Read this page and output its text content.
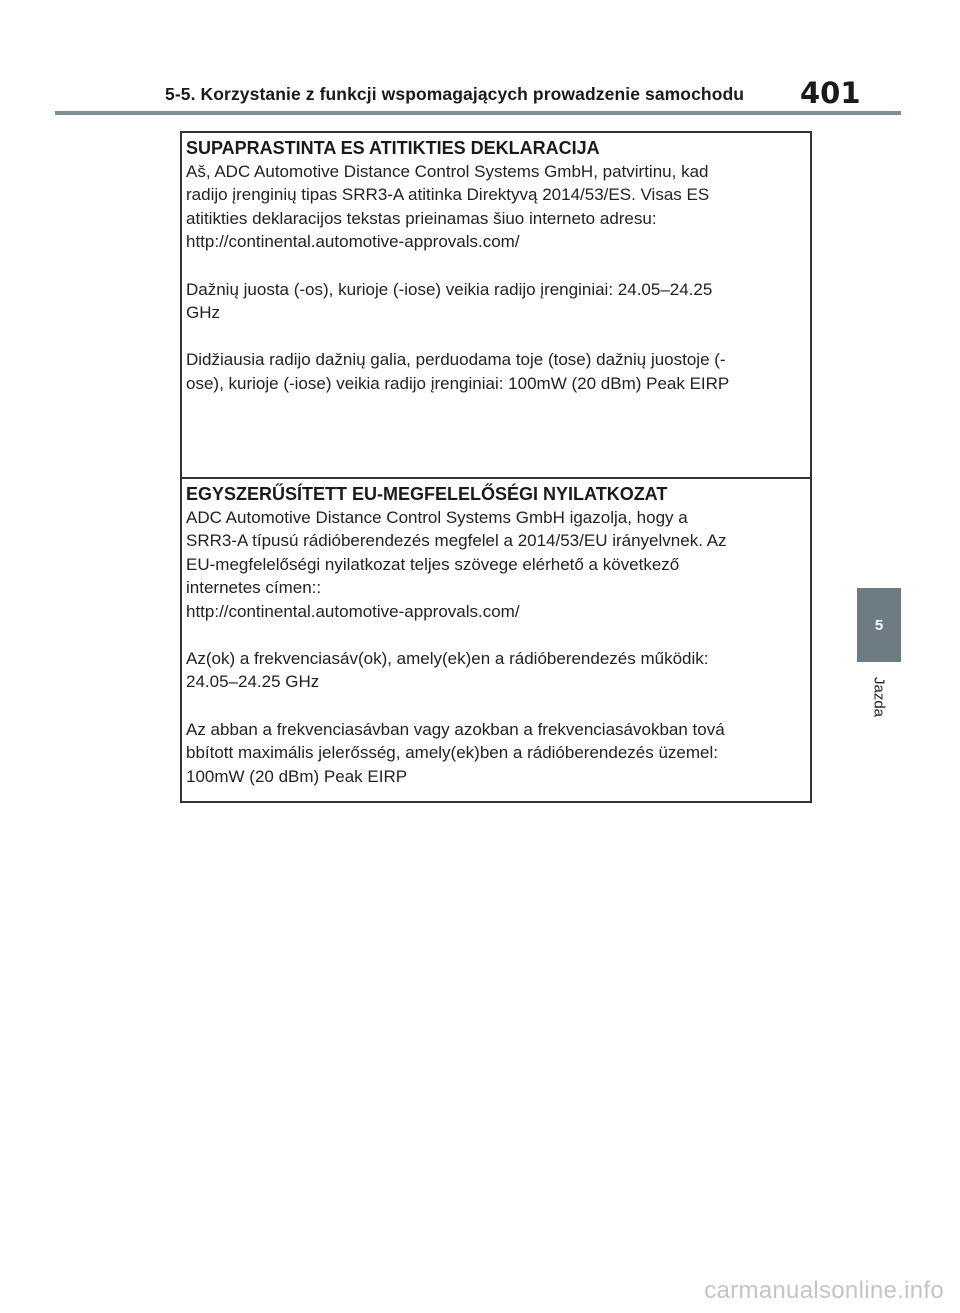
5-5. Korzystanie z funkcji wspomagających prowadzenie samochodu 401
SUPAPRASTINTA ES ATITIKTIES DEKLARACIJA

Aš, ADC Automotive Distance Control Systems GmbH, patvirtinu, kad
radijo įrenginių tipas SRR3-A atitinka Direktyvą 2014/53/ES. Visas ES
atitikties deklaracijos tekstas prieinamas šiuo interneto adresu:
http://continental.automotive-approvals.com/

Dažnių juosta (-os), kurioje (-iose) veikia radijo įrenginiai: 24.05–24.25
GHz

Didžiausia radijo dažnių galia, perduodama toje (tose) dažnių juostoje (-
ose), kurioje (-iose) veikia radijo įrenginiai: 100mW (20 dBm) Peak EIRP

EGYSZERŰSÍTETT EU-MEGFELELŐSÉGI NYILATKOZAT

ADC Automotive Distance Control Systems GmbH igazolja, hogy a
SRR3-A típusú rádióberendezés megfelel a 2014/53/EU irányelvnek. Az
EU-megfelelőségi nyilatkozat teljes szövege elérhető a következő
internetes címen::
http://continental.automotive-approvals.com/

Az(ok) a frekvenciasáv(ok), amely(ek)en a rádióberendezés működik:
24.05–24.25 GHz

Az abban a frekvenciasávban vagy azokban a frekvenciasávokban tová
bbított maximális jelerősség, amely(ek)ben a rádióberendezés üzemel:
100mW (20 dBm) Peak EIRP

5
Jazda
carmanualsonline.info
